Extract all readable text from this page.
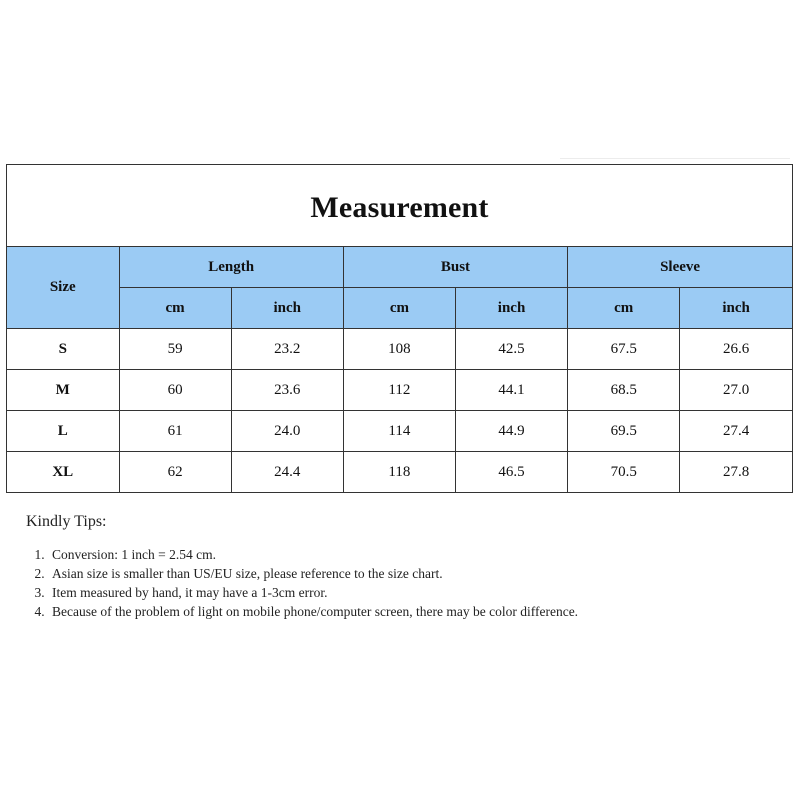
Measurement
Size	Length		Bust		Sleeve	
	cm	inch	cm	inch	cm	inch
S	59	23.2	108	42.5	67.5	26.6
M	60	23.6	112	44.1	68.5	27.0
L	61	24.0	114	44.9	69.5	27.4
XL	62	24.4	118	46.5	70.5	27.8
Kindly Tips:
1. Conversion: 1 inch = 2.54 cm.
2. Asian size is smaller than US/EU size, please reference to the size chart.
3. Item measured by hand, it may have a 1-3cm error.
4. Because of the problem of light on mobile phone/computer screen, there may be color difference.
